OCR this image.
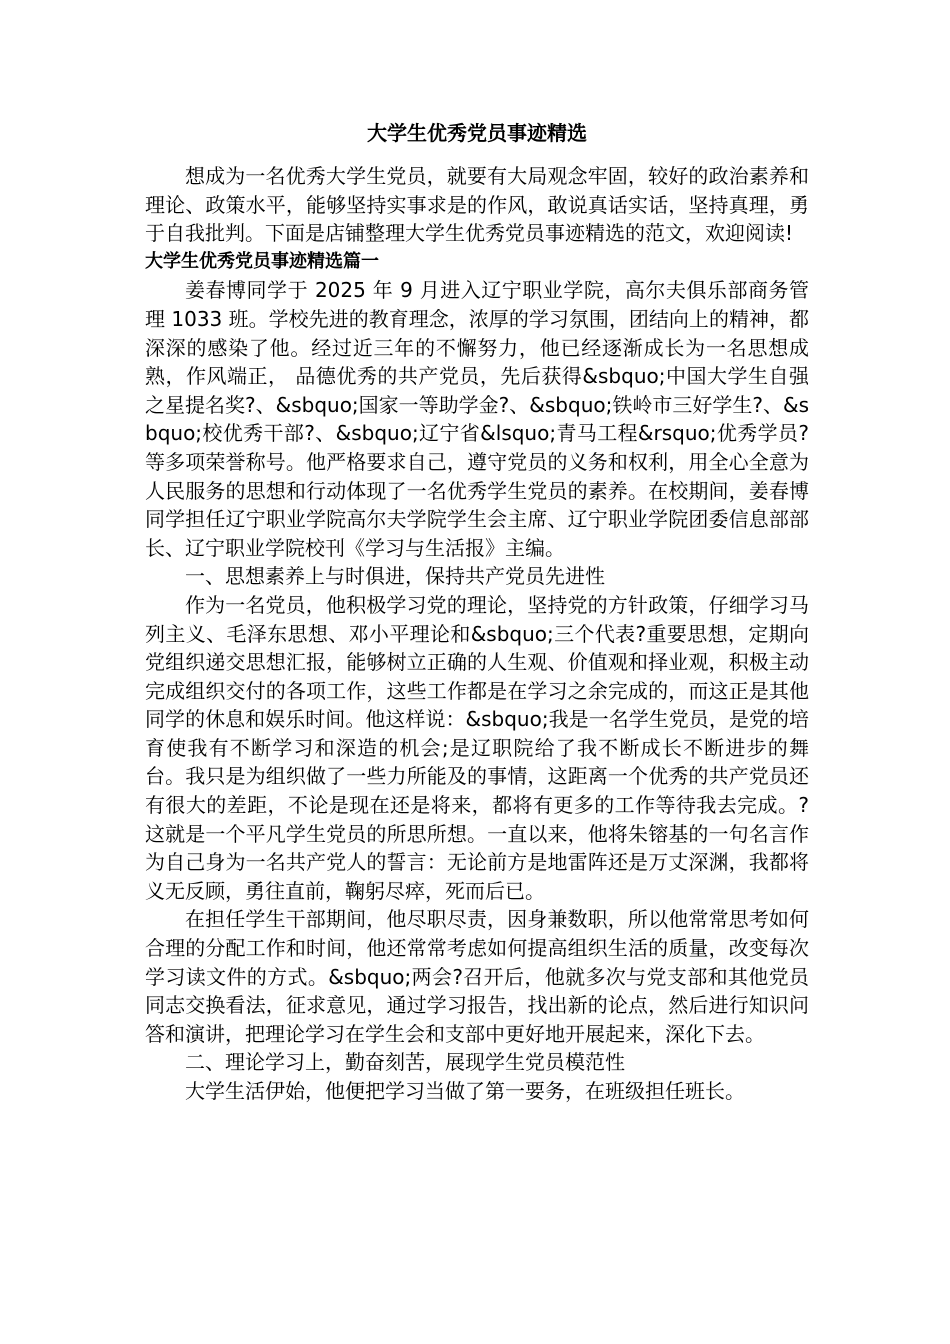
大学生优秀党员事迹精选

想成为一名优秀大学生党员，就要有大局观念牢固，较好的政治素养和理论、政策水平，能够坚持实事求是的作风，敢说真话实话，坚持真理，勇于自我批判。下面是店铺整理大学生优秀党员事迹精选的范文，欢迎阅读!

大学生优秀党员事迹精选篇一

姜春博同学于 2025 年 9 月进入辽宁职业学院，高尔夫俱乐部商务管理 1033 班。学校先进的教育理念，浓厚的学习氛围，团结向上的精神，都深深的感染了他。经过近三年的不懈努力，他已经逐渐成长为一名思想成熟，作风端正， 品德优秀的共产党员，先后获得&sbquo;中国大学生自强之星提名奖?、&sbquo;国家一等助学金?、&sbquo;铁岭市三好学生?、&sbquo;校优秀干部?、&sbquo;辽宁省&lsquo;青马工程&rsquo;优秀学员?等多项荣誉称号。他严格要求自己，遵守党员的义务和权利，用全心全意为人民服务的思想和行动体现了一名优秀学生党员的素养。在校期间，姜春博同学担任辽宁职业学院高尔夫学院学生会主席、辽宁职业学院团委信息部部长、辽宁职业学院校刊《学习与生活报》主编。

一、思想素养上与时俱进，保持共产党员先进性

作为一名党员，他积极学习党的理论，坚持党的方针政策，仔细学习马列主义、毛泽东思想、邓小平理论和&sbquo;三个代表?重要思想，定期向党组织递交思想汇报，能够树立正确的人生观、价值观和择业观，积极主动完成组织交付的各项工作，这些工作都是在学习之余完成的，而这正是其他同学的休息和娱乐时间。他这样说：&sbquo;我是一名学生党员，是党的培育使我有不断学习和深造的机会;是辽职院给了我不断成长不断进步的舞台。我只是为组织做了一些力所能及的事情，这距离一个优秀的共产党员还有很大的差距，不论是现在还是将来，都将有更多的工作等待我去完成。?这就是一个平凡学生党员的所思所想。一直以来，他将朱镕基的一句名言作为自己身为一名共产党人的誓言：无论前方是地雷阵还是万丈深渊，我都将义无反顾，勇往直前，鞠躬尽瘁，死而后已。

在担任学生干部期间，他尽职尽责，因身兼数职，所以他常常思考如何合理的分配工作和时间，他还常常考虑如何提高组织生活的质量，改变每次学习读文件的方式。&sbquo;两会?召开后，他就多次与党支部和其他党员同志交换看法，征求意见，通过学习报告，找出新的论点，然后进行知识问答和演讲，把理论学习在学生会和支部中更好地开展起来，深化下去。

二、理论学习上，勤奋刻苦，展现学生党员模范性

大学生活伊始，他便把学习当做了第一要务，在班级担任班长。
